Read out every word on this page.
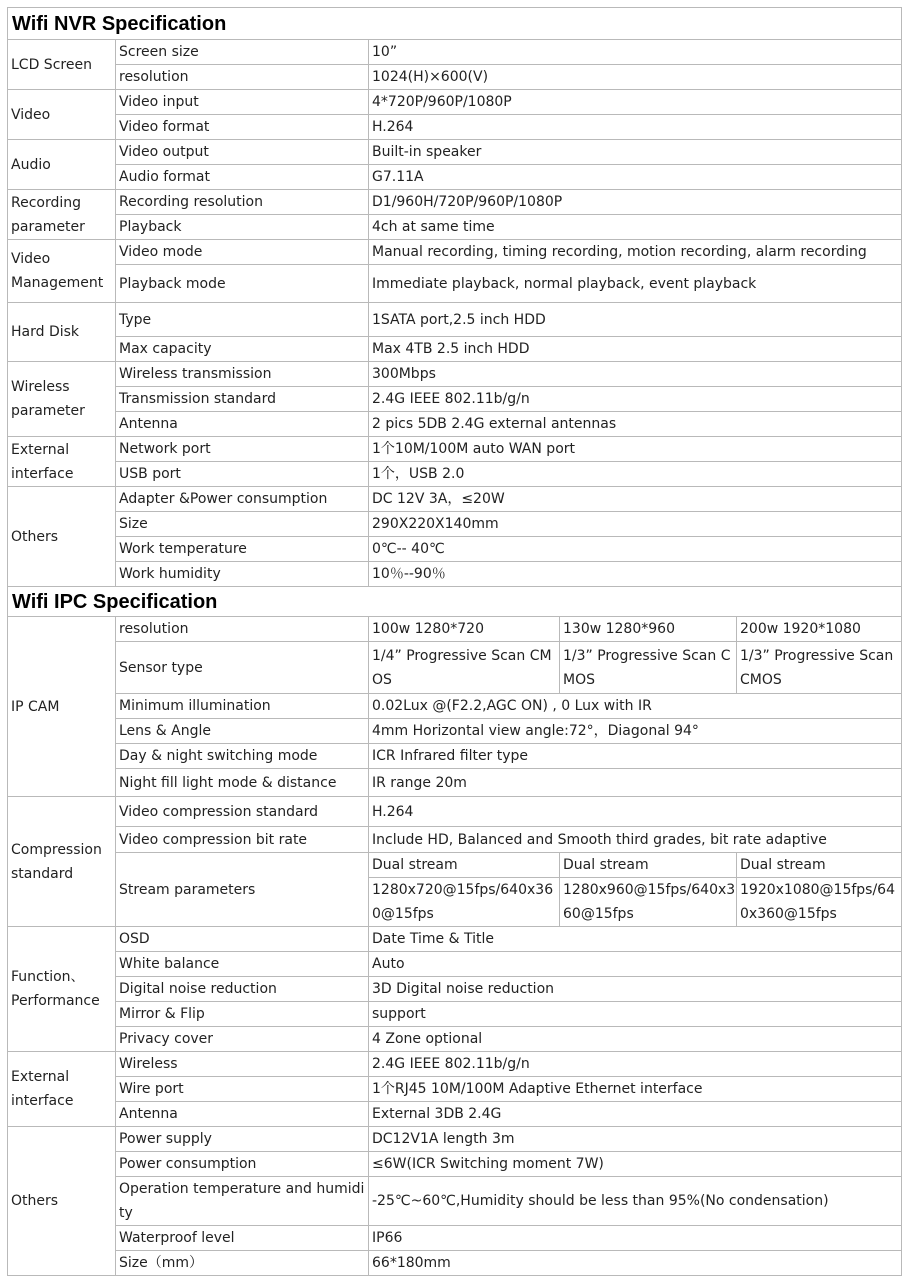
Wifi NVR Specification				
LCD Screen	Screen size	10”		
	resolution	1024(H)×600(V)		
Video	Video input	4*720P/960P/1080P		
	Video format	H.264		
Audio	Video output	Built-in speaker		
	Audio format	G7.11A		
Recording parameter	Recording resolution	D1/960H/720P/960P/1080P		
	Playback	4ch at same time		
Video Management	Video mode	Manual recording, timing recording, motion recording, alarm recording		
	Playback mode	Immediate playback, normal playback, event playback		
Hard Disk	Type	1SATA port,2.5 inch HDD		
	Max capacity	Max 4TB 2.5 inch HDD		
Wireless parameter	Wireless transmission	300Mbps		
	Transmission standard	2.4G IEEE 802.11b/g/n		
	Antenna	2 pics 5DB 2.4G external antennas		
External interface	Network port	1个10M/100M auto WAN port		
	USB port	1个，USB 2.0		
Others	Adapter &Power consumption	DC 12V 3A，≤20W		
	Size	290X220X140mm		
	Work temperature	0℃-- 40℃		
	Work humidity	10％--90％		
Wifi IPC Specification				
IP CAM	resolution	100w 1280*720	130w 1280*960	200w 1920*1080
	Sensor type	1/4” Progressive Scan CMOS	1/3” Progressive Scan CMOS	1/3” Progressive Scan CMOS
	Minimum illumination	0.02Lux @(F2.2,AGC ON) , 0 Lux with IR		
	Lens & Angle	4mm Horizontal view angle:72°，Diagonal 94°		
	Day & night switching mode	ICR Infrared filter type		
	Night fill light mode & distance	IR range 20m		
Compression standard	Video compression standard	H.264		
	Video compression bit rate	Include HD, Balanced and Smooth third grades, bit rate adaptive		
	Stream parameters	Dual stream	Dual stream	Dual stream
		1280x720@15fps/640x360@15fps	1280x960@15fps/640x360@15fps	1920x1080@15fps/640x360@15fps
Function、Performance	OSD	Date Time & Title		
	White balance	Auto		
	Digital noise reduction	3D Digital noise reduction		
	Mirror & Flip	support		
	Privacy cover	4 Zone optional		
External interface	Wireless	2.4G IEEE 802.11b/g/n		
	Wire port	1个RJ45 10M/100M Adaptive Ethernet interface		
	Antenna	External 3DB 2.4G		
Others	Power supply	DC12V1A length 3m		
	Power consumption	≤6W(ICR Switching moment 7W)		
	Operation temperature and humidity	-25℃~60℃,Humidity should be less than 95%(No condensation)		
	Waterproof level	IP66		
	Size（mm）	66*180mm		
